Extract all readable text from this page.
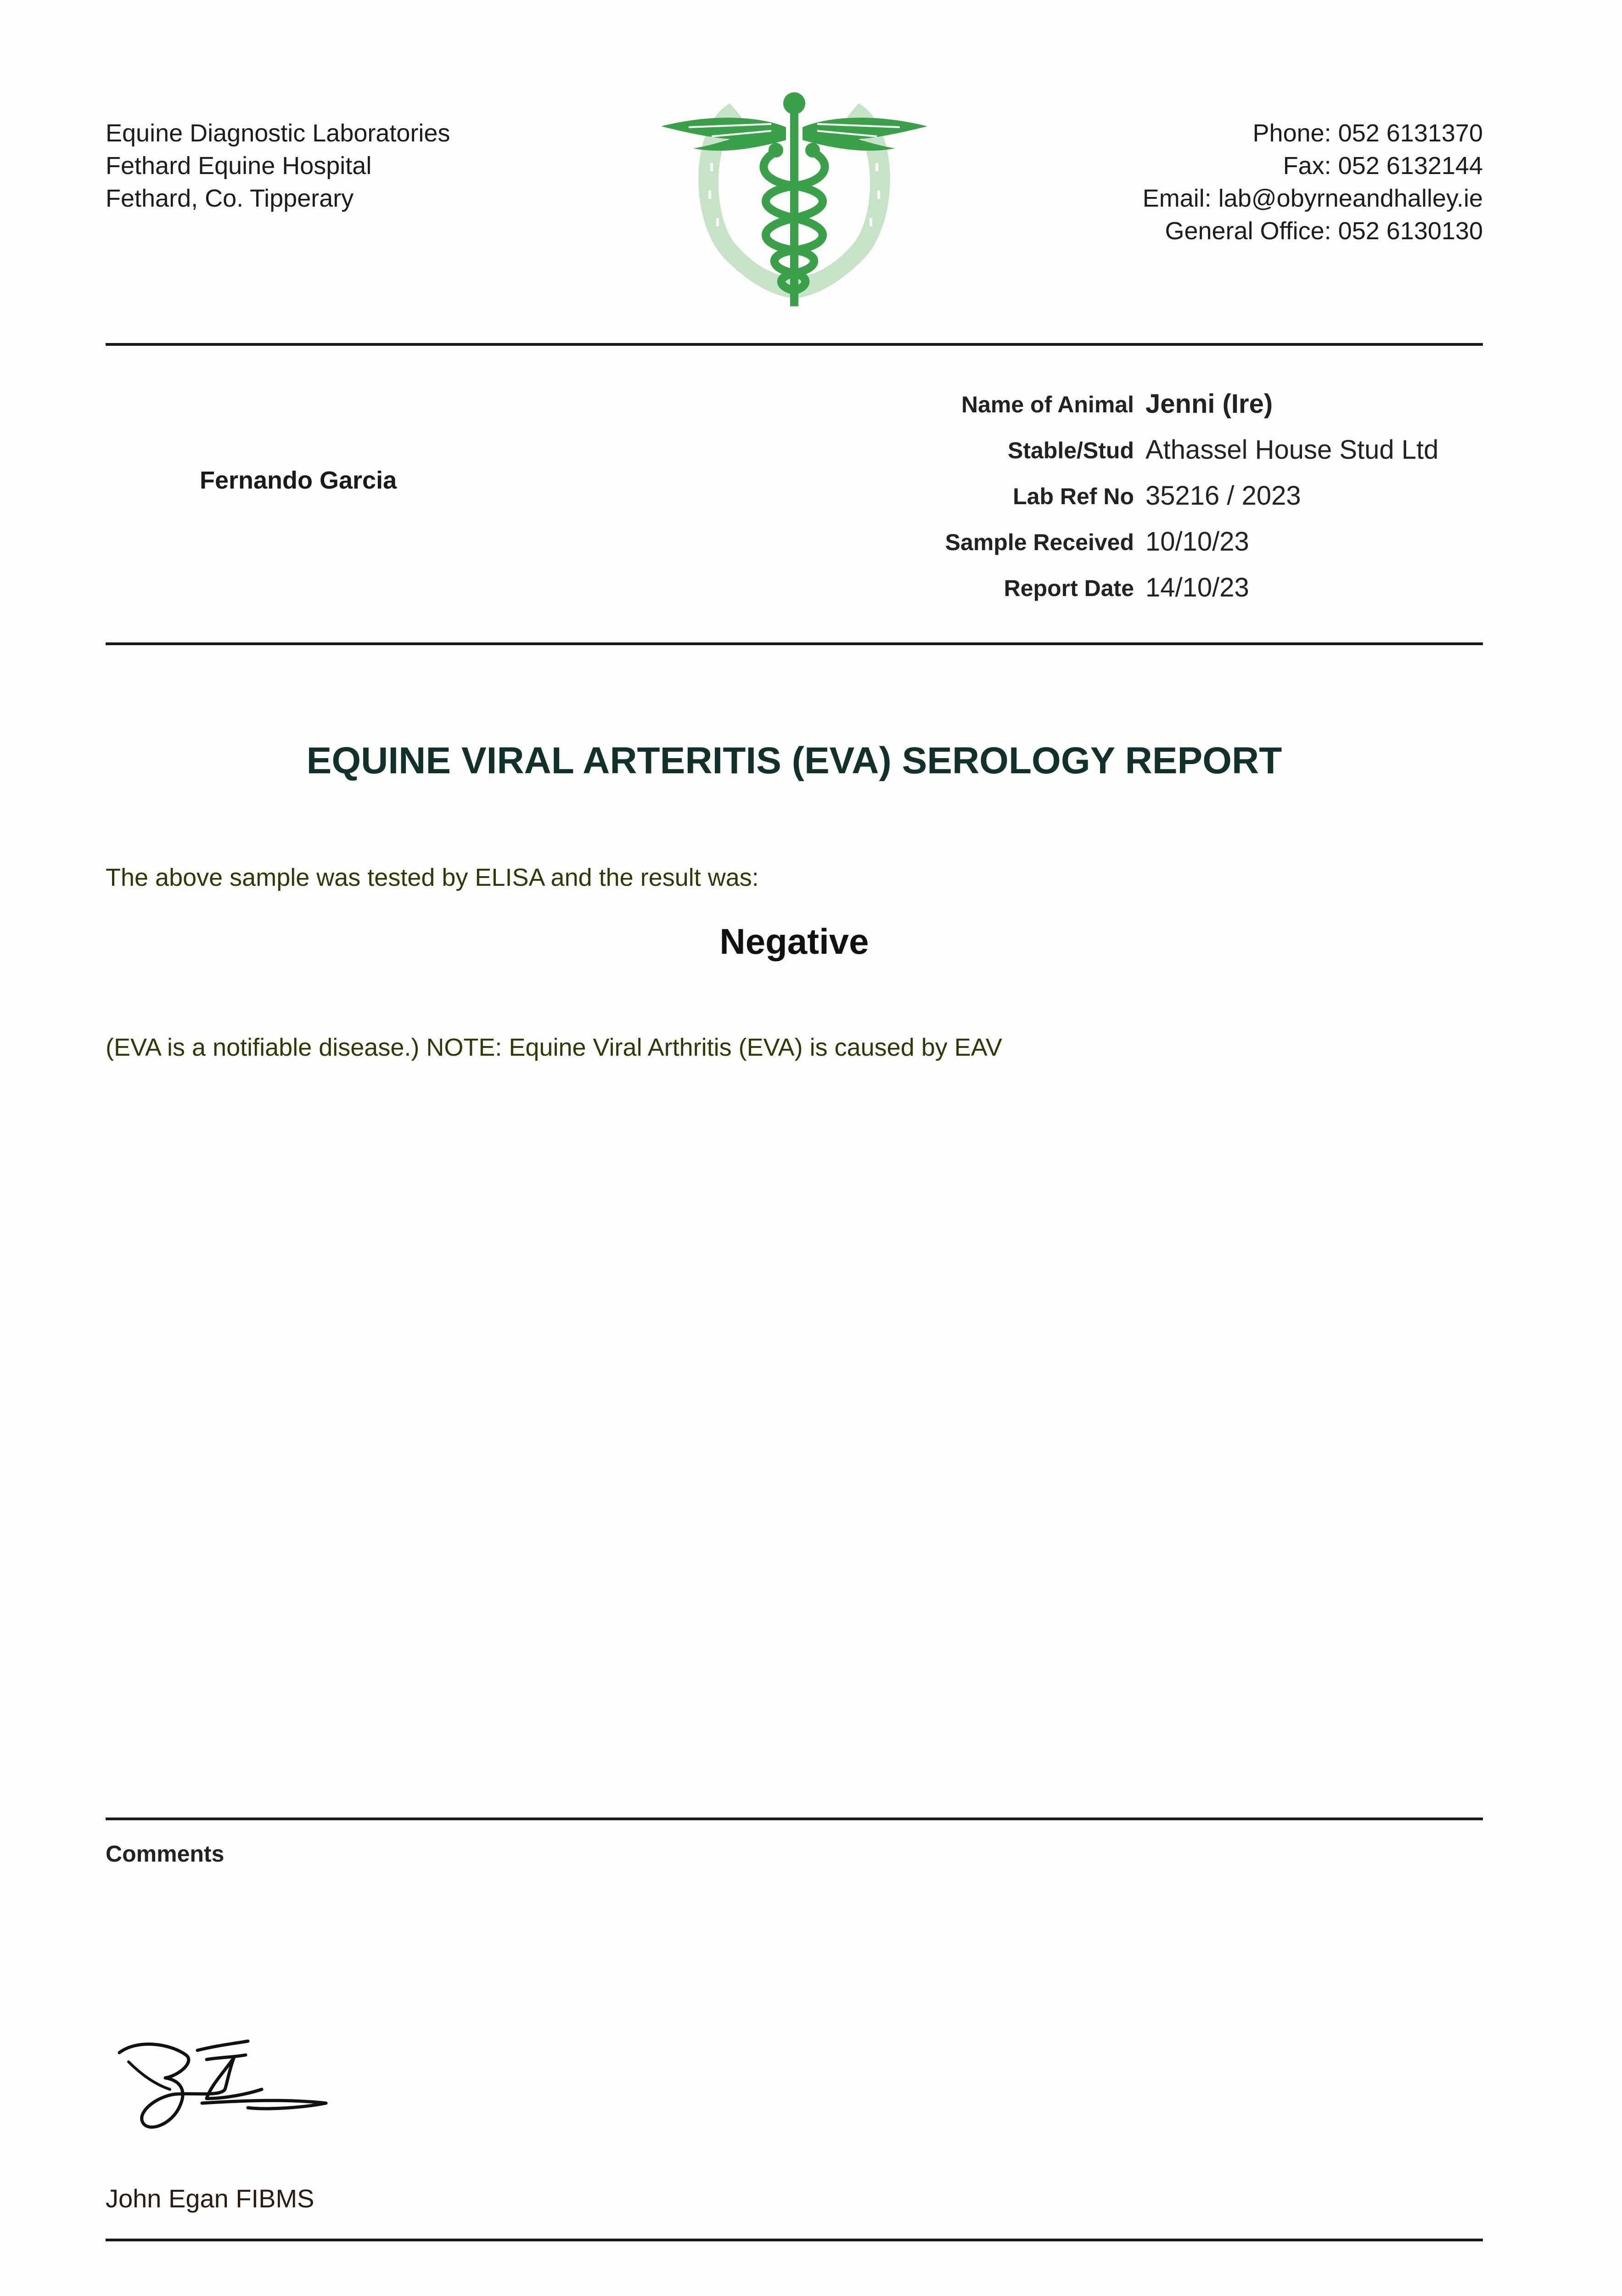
Equine Diagnostic Laboratories
Fethard Equine Hospital
Fethard, Co. Tipperary
Phone: 052 6131370
Fax: 052 6132144
Email: lab@obyrneandhalley.ie
General Office: 052 6130130
Fernando Garcia
Name of Animal Jenni (Ire)
Stable/Stud Athassel House Stud Ltd
Lab Ref No 35216 / 2023
Sample Received 10/10/23
Report Date 14/10/23
EQUINE VIRAL ARTERITIS (EVA) SEROLOGY REPORT
The above sample was tested by ELISA and the result was:
Negative
(EVA is a notifiable disease.) NOTE: Equine Viral Arthritis (EVA) is caused by EAV
Comments
John Egan FIBMS
